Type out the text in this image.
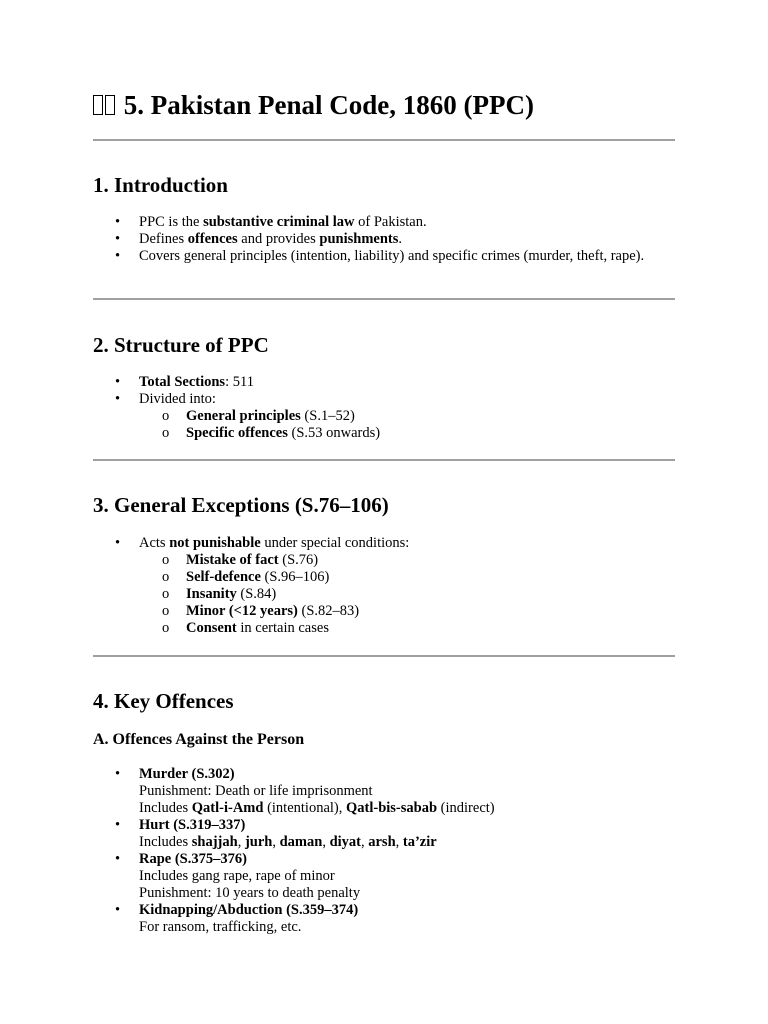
5. Pakistan Penal Code, 1860 (PPC)
1. Introduction
• PPC is the substantive criminal law of Pakistan.
• Defines offences and provides punishments.
• Covers general principles (intention, liability) and specific crimes (murder, theft, rape).
2. Structure of PPC
• Total Sections: 511
• Divided into:
o General principles (S.1–52)
o Specific offences (S.53 onwards)
3. General Exceptions (S.76–106)
• Acts not punishable under special conditions:
o Mistake of fact (S.76)
o Self-defence (S.96–106)
o Insanity (S.84)
o Minor (<12 years) (S.82–83)
o Consent in certain cases
4. Key Offences
A. Offences Against the Person
• Murder (S.302)
Punishment: Death or life imprisonment
Includes Qatl-i-Amd (intentional), Qatl-bis-sabab (indirect)
• Hurt (S.319–337)
Includes shajjah, jurh, daman, diyat, arsh, ta’zir
• Rape (S.375–376)
Includes gang rape, rape of minor
Punishment: 10 years to death penalty
• Kidnapping/Abduction (S.359–374)
For ransom, trafficking, etc.
